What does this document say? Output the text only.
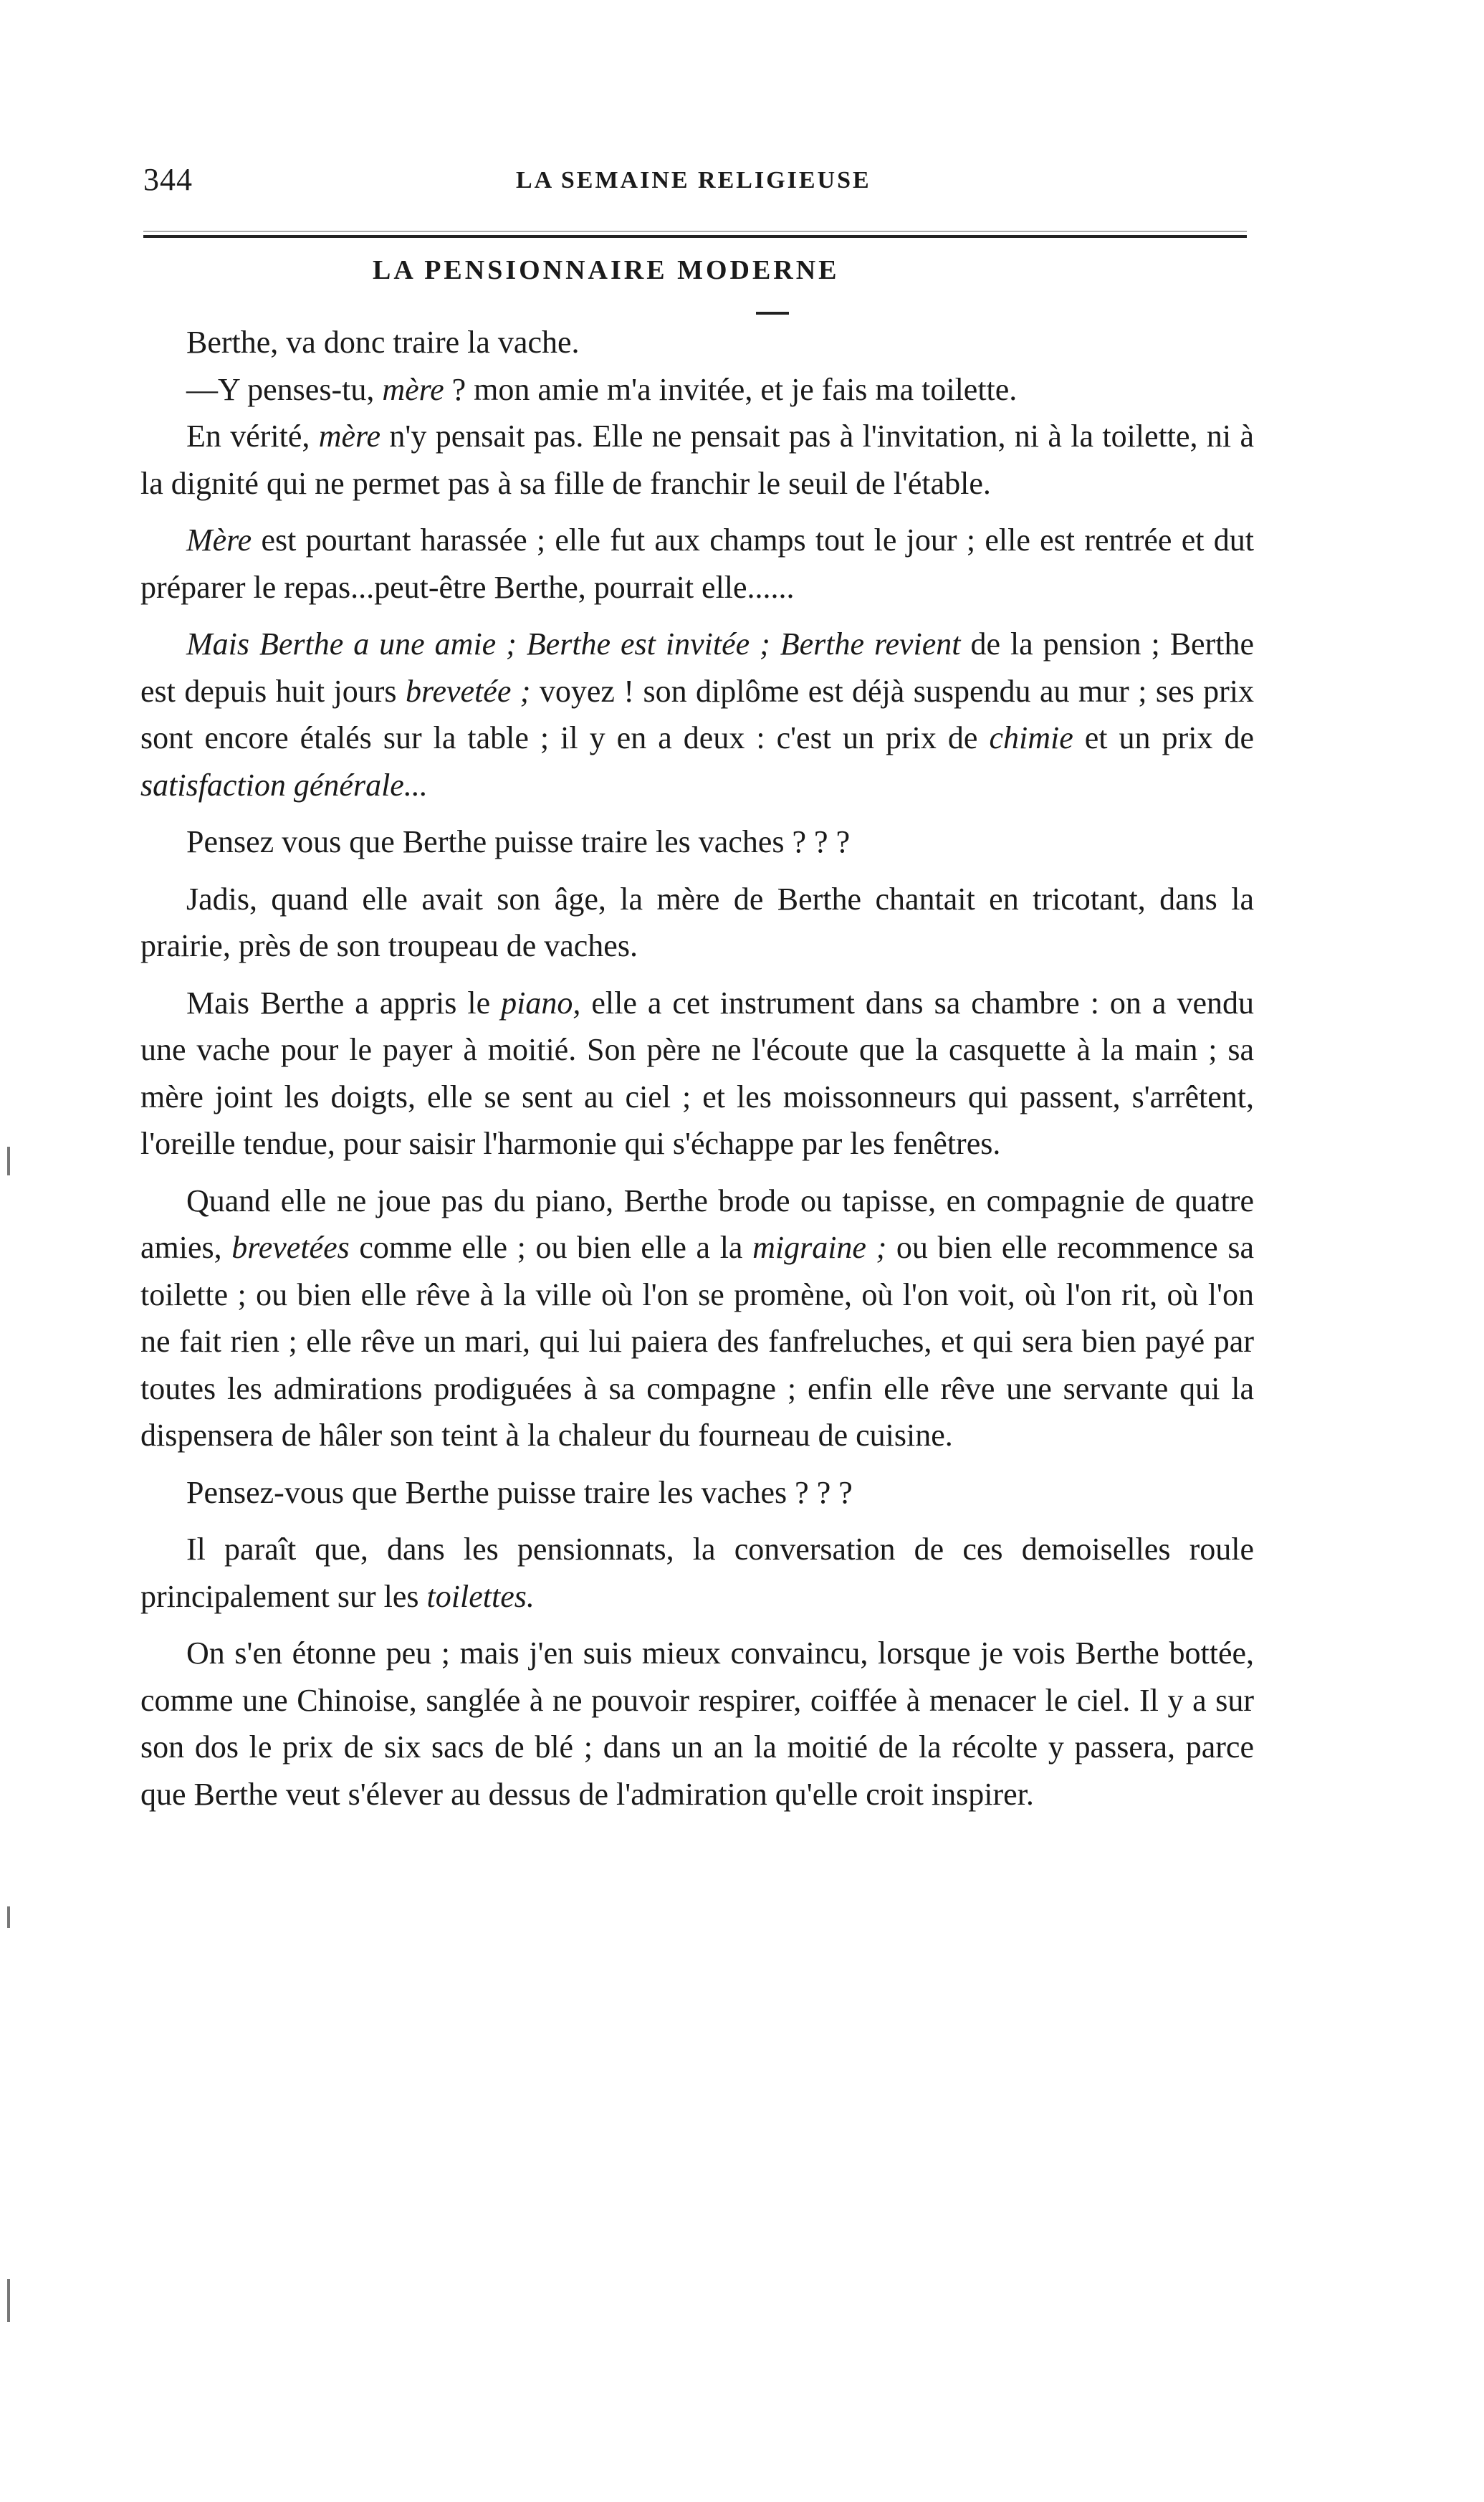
344	LA SEMAINE RELIGIEUSE
LA PENSIONNAIRE MODERNE

Berthe, va donc traire la vache.

—Y penses-tu, mère ? mon amie m'a invitée, et je fais ma toilette.

En vérité, mère n'y pensait pas. Elle ne pensait pas à l'invitation, ni à la toilette, ni à la dignité qui ne permet pas à sa fille de franchir le seuil de l'étable.

Mère est pourtant harassée ; elle fut aux champs tout le jour ; elle est rentrée et dut préparer le repas...peut-être Berthe, pourrait elle......

Mais Berthe a une amie ; Berthe est invitée ; Berthe revient de la pension ; Berthe est depuis huit jours brevetée ; voyez ! son diplôme est déjà suspendu au mur ; ses prix sont encore étalés sur la table ; il y en a deux : c'est un prix de chimie et un prix de satisfaction générale...

Pensez vous que Berthe puisse traire les vaches ? ? ?

Jadis, quand elle avait son âge, la mère de Berthe chantait en tricotant, dans la prairie, près de son troupeau de vaches.

Mais Berthe a appris le piano, elle a cet instrument dans sa chambre : on a vendu une vache pour le payer à moitié. Son père ne l'écoute que la casquette à la main ; sa mère joint les doigts, elle se sent au ciel ; et les moissonneurs qui passent, s'arrêtent, l'oreille tendue, pour saisir l'harmonie qui s'échappe par les fenêtres.

Quand elle ne joue pas du piano, Berthe brode ou tapisse, en compagnie de quatre amies, brevetées comme elle ; ou bien elle a la migraine ; ou bien elle recommence sa toilette ; ou bien elle rêve à la ville où l'on se promène, où l'on voit, où l'on rit, où l'on ne fait rien ; elle rêve un mari, qui lui paiera des fanfreluches, et qui sera bien payé par toutes les admirations prodiguées à sa compagne ; enfin elle rêve une servante qui la dispensera de hâler son teint à la chaleur du fourneau de cuisine.

Pensez-vous que Berthe puisse traire les vaches ? ? ?

Il paraît que, dans les pensionnats, la conversation de ces demoiselles roule principalement sur les toilettes.

On s'en étonne peu ; mais j'en suis mieux convaincu, lorsque je vois Berthe bottée, comme une Chinoise, sanglée à ne pouvoir respirer, coiffée à menacer le ciel. Il y a sur son dos le prix de six sacs de blé ; dans un an la moitié de la récolte y passera, parce que Berthe veut s'élever au dessus de l'admiration qu'elle croit inspirer.
